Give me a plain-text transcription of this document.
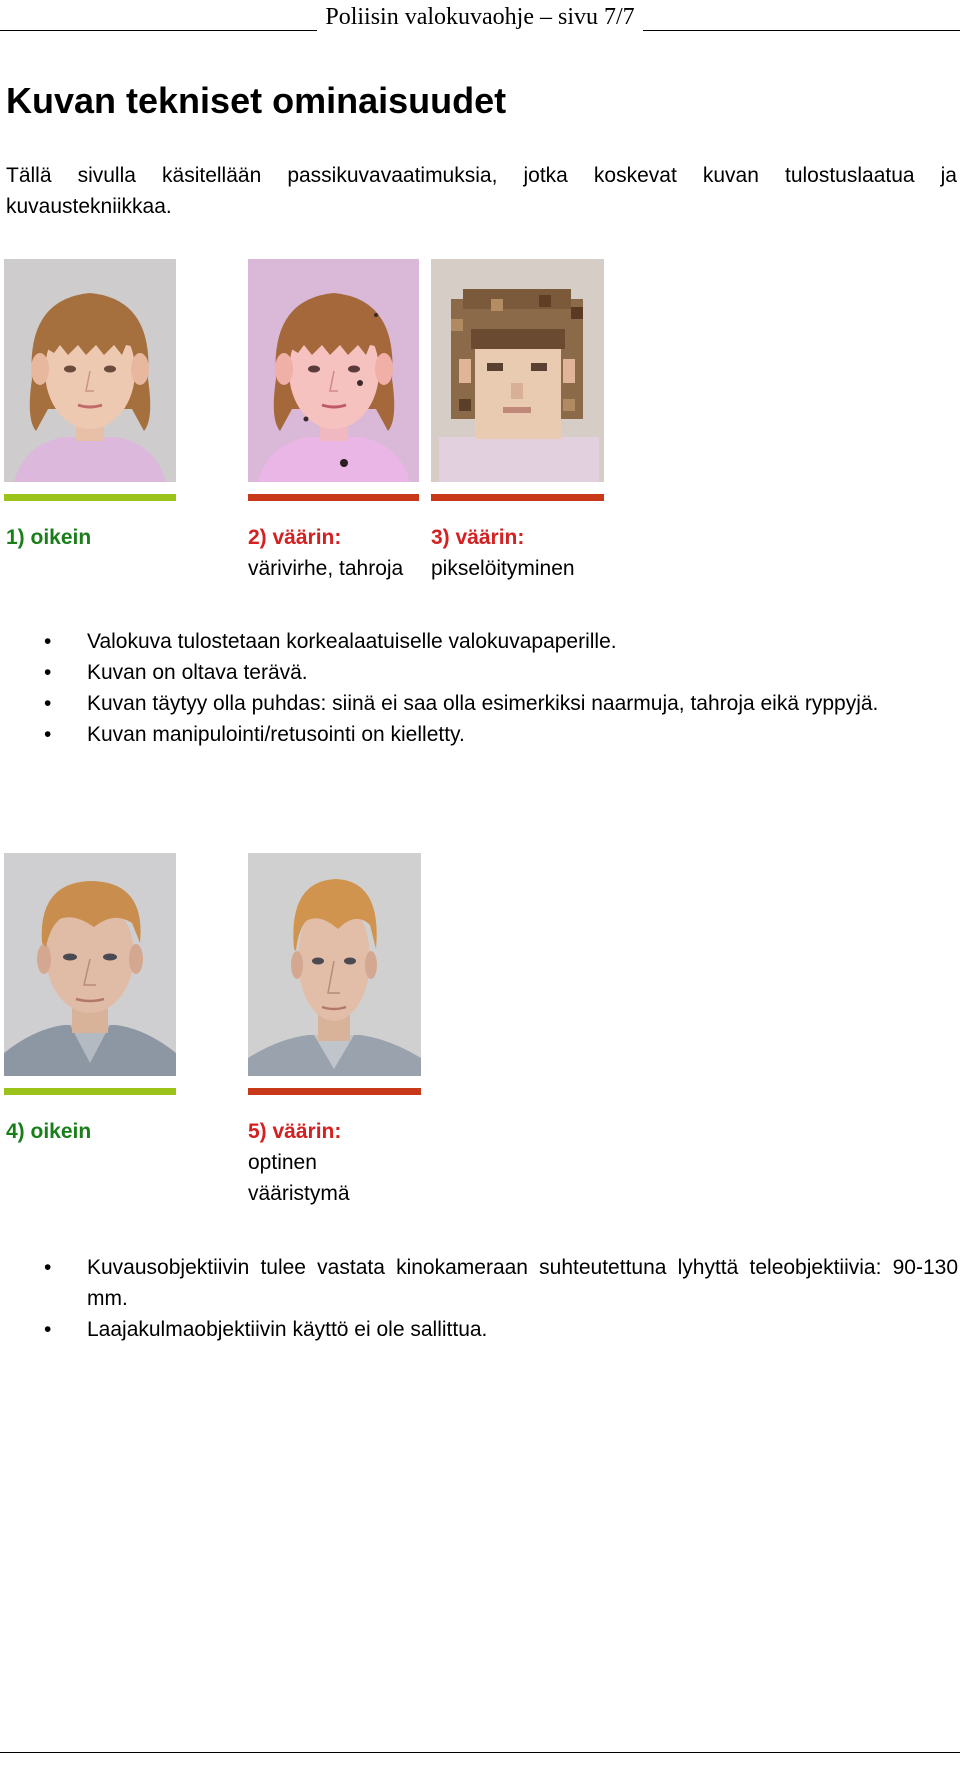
Poliisin valokuvaohje – sivu 7/7
Kuvan tekniset ominaisuudet

Tällä sivulla käsitellään passikuvavaatimuksia, jotka koskevat kuvan tulostuslaatua ja kuvaustekniikkaa.

1) oikein	2) väärin:
värivirhe, tahroja
3) väärin:
pikselöityminen
• Valokuva tulostetaan korkealaatuiselle valokuvapaperille.
• Kuvan on oltava terävä.
• Kuvan täytyy olla puhdas: siinä ei saa olla esimerkiksi naarmuja, tahroja eikä ryppyjä.
• Kuvan manipulointi/retusointi on kielletty.
4) oikein	5) väärin:
optinen vääristymä
• Kuvausobjektiivin tulee vastata kinokameraan suhteutettuna lyhyttä teleobjektiivia: 90-130 mm.
• Laajakulmaobjektiivin käyttö ei ole sallittua.
